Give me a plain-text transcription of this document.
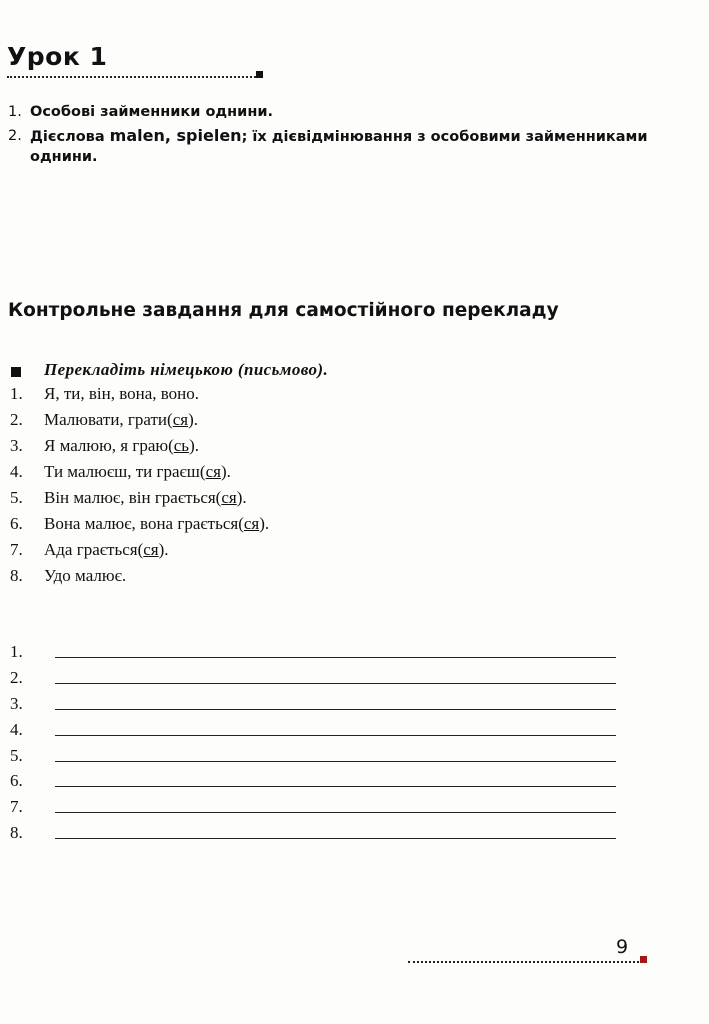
Урок 1
1. Особові займенники однини.
2. Дієслова malen, spielen; їх дієвідмінювання з особовими займенниками однини.
Контрольне завдання для самостійного перекладу
Перекладіть німецькою (письмово).
1. Я, ти, він, вона, воно.
2. Малювати, грати(ся).
3. Я малюю, я граю(сь).
4. Ти малюєш, ти граєш(ся).
5. Він малює, він грається(ся).
6. Вона малює, вона грається(ся).
7. Ада грається(ся).
8. Удо малює.
1.
2.
3.
4.
5.
6.
7.
8.
9
